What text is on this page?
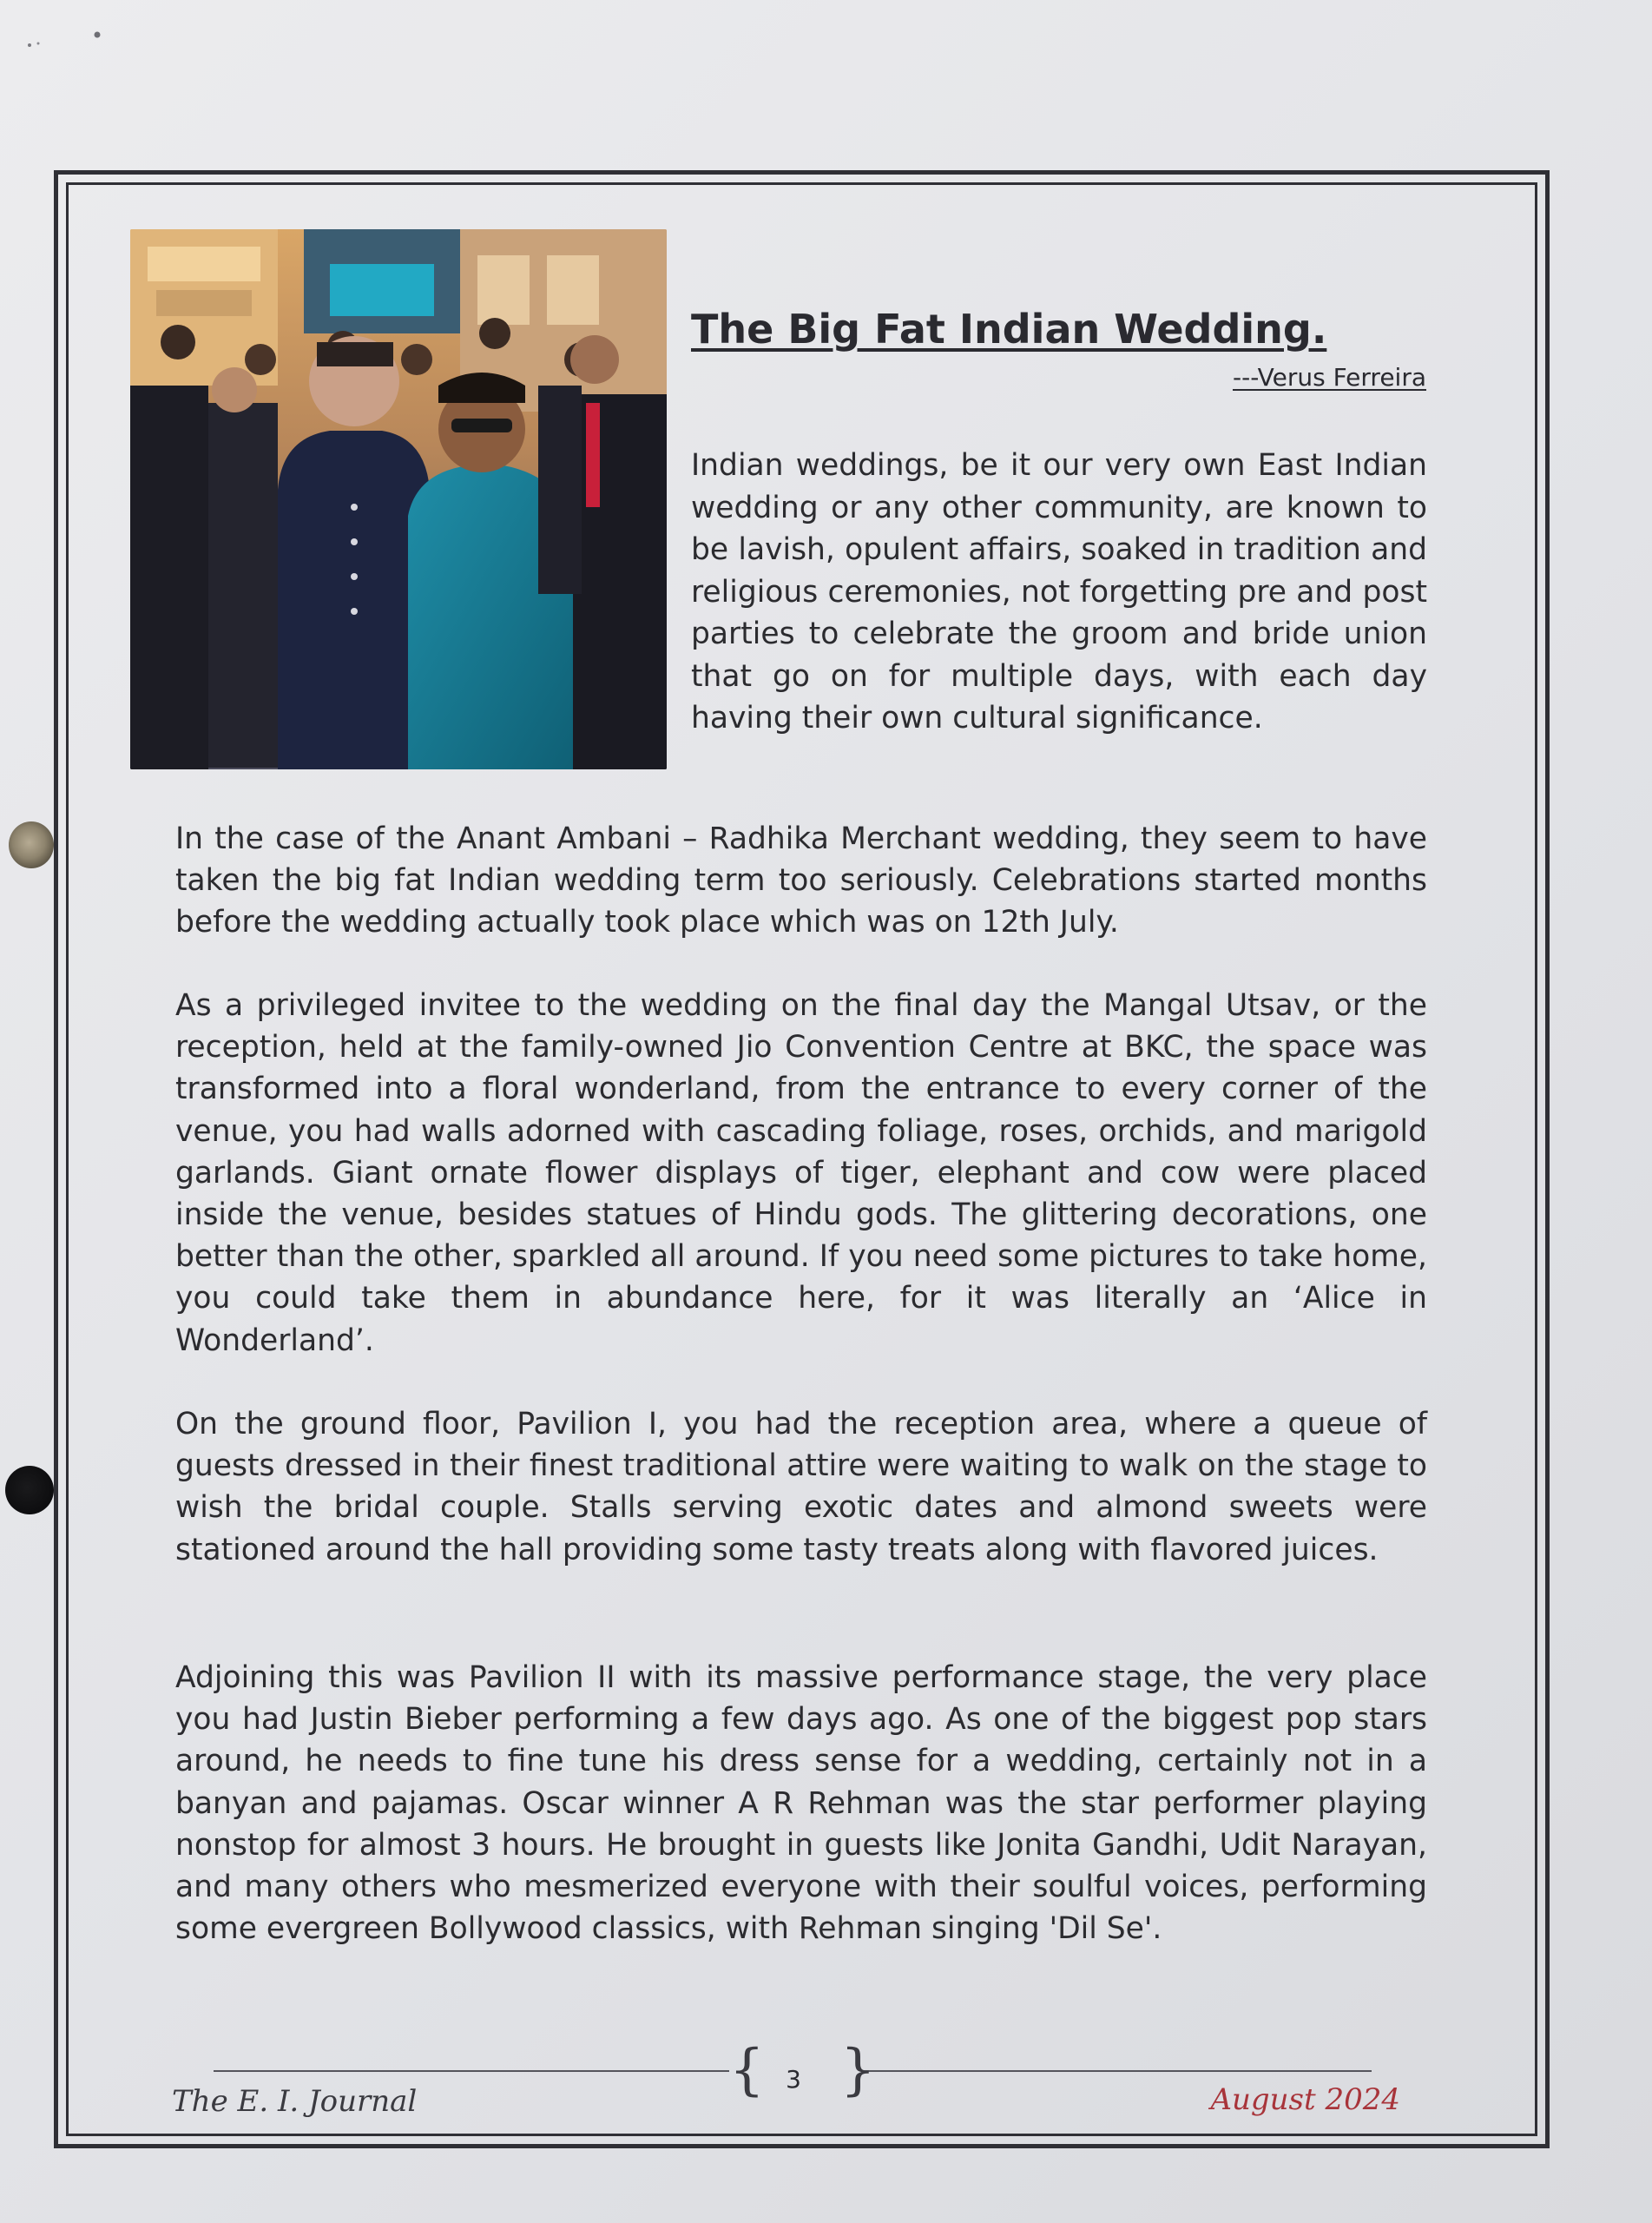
The Big Fat Indian Wedding.
---Verus Ferreira

Indian weddings, be it our very own East Indian wedding or any other community, are known to be lavish, opulent affairs, soaked in tradition and religious ceremonies, not forgetting pre and post parties to celebrate the groom and bride union that go on for multiple days, with each day having their own cultural significance.

In the case of the Anant Ambani – Radhika Merchant wedding, they seem to have taken the big fat Indian wedding term too seriously. Celebrations started months before the wedding actually took place which was on 12th July.

As a privileged invitee to the wedding on the final day the Mangal Utsav, or the reception, held at the family-owned Jio Convention Centre at BKC, the space was transformed into a floral wonderland, from the entrance to every corner of the venue, you had walls adorned with cascading foliage, roses, orchids, and marigold garlands. Giant ornate flower displays of tiger, elephant and cow were placed inside the venue, besides statues of Hindu gods. The glittering decorations, one better than the other, sparkled all around. If you need some pictures to take home, you could take them in abundance here, for it was literally an ‘Alice in Wonderland’.

On the ground floor, Pavilion I, you had the reception area, where a queue of guests dressed in their finest traditional attire were waiting to walk on the stage to wish the bridal couple. Stalls serving exotic dates and almond sweets were stationed around the hall providing some tasty treats along with flavored juices.

Adjoining this was Pavilion II with its massive performance stage, the very place you had Justin Bieber performing a few days ago. As one of the biggest pop stars around, he needs to fine tune his dress sense for a wedding, certainly not in a banyan and pajamas. Oscar winner A R Rehman was the star performer playing nonstop for almost 3 hours. He brought in guests like Jonita Gandhi, Udit Narayan, and many others who mesmerized everyone with their soulful voices, performing some evergreen Bollywood classics, with Rehman singing 'Dil Se'.

{ }
3
The E. I. Journal	August 2024
